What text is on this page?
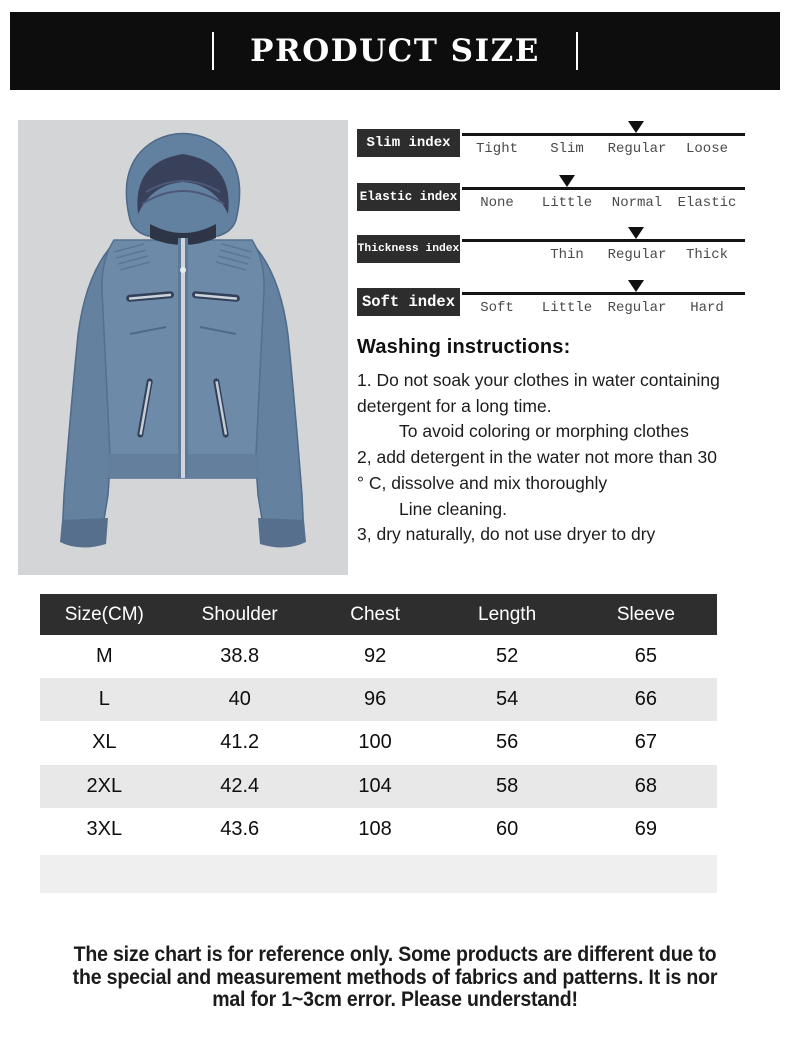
PRODUCT SIZE
Slim index	Tight Slim Regular Loose
Elastic index None Little Normal Elastic
Thickness index	Thin Regular Thick
Soft index	Soft Little Regular Hard
Washing instructions:
1. Do not soak your clothes in water containing
detergent for a long time.
To avoid coloring or morphing clothes
2, add detergent in the water not more than 30
° C, dissolve and mix thoroughly
Line cleaning.
3, dry naturally, do not use dryer to dry
Size(CM)	Shoulder	Chest	Length	Sleeve
M	38.8	92	52	65
L	40	96	54	66
XL	41.2	100	56	67
2XL	42.4	104	58	68
3XL	43.6	108	60	69
The size chart is for reference only. Some products are different due to
the special and measurement methods of fabrics and patterns. It is nor
mal for 1~3cm error. Please understand!
